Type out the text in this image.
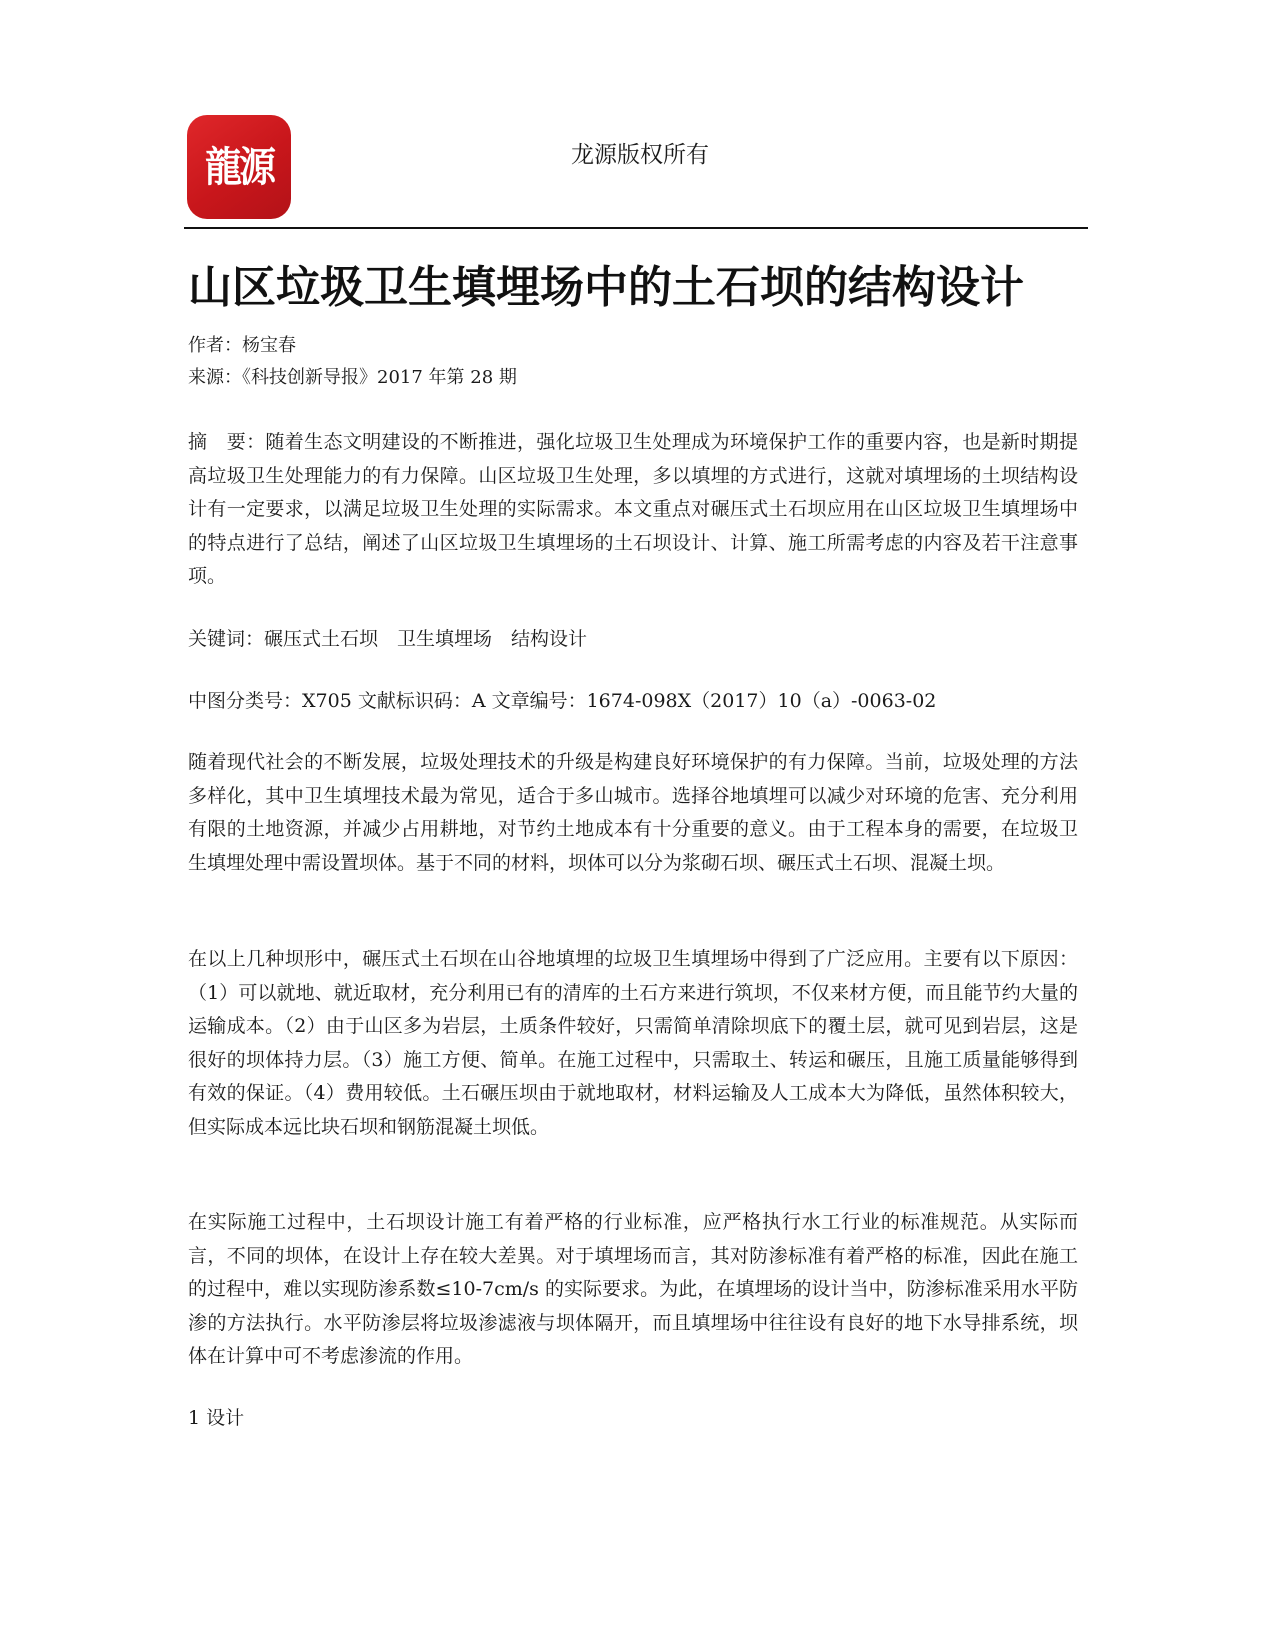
龍源	龙源版权所有
山区垃圾卫生填埋场中的土石坝的结构设计
作者：杨宝春
来源：《科技创新导报》2017 年第 28 期

摘　要：随着生态文明建设的不断推进，强化垃圾卫生处理成为环境保护工作的重要内容，也是新时期提高垃圾卫生处理能力的有力保障。山区垃圾卫生处理，多以填埋的方式进行，这就对填埋场的土坝结构设计有一定要求，以满足垃圾卫生处理的实际需求。本文重点对碾压式土石坝应用在山区垃圾卫生填埋场中的特点进行了总结，阐述了山区垃圾卫生填埋场的土石坝设计、计算、施工所需考虑的内容及若干注意事项。

关键词：碾压式土石坝　卫生填埋场　结构设计

中图分类号：X705 文献标识码：A 文章编号：1674-098X（2017）10（a）-0063-02

随着现代社会的不断发展，垃圾处理技术的升级是构建良好环境保护的有力保障。当前，垃圾处理的方法多样化，其中卫生填埋技术最为常见，适合于多山城市。选择谷地填埋可以减少对环境的危害、充分利用有限的土地资源，并减少占用耕地，对节约土地成本有十分重要的意义。由于工程本身的需要，在垃圾卫生填埋处理中需设置坝体。基于不同的材料，坝体可以分为浆砌石坝、碾压式土石坝、混凝土坝。

在以上几种坝形中，碾压式土石坝在山谷地填埋的垃圾卫生填埋场中得到了广泛应用。主要有以下原因：（1）可以就地、就近取材，充分利用已有的清库的土石方来进行筑坝，不仅来材方便，而且能节约大量的运输成本。（2）由于山区多为岩层，土质条件较好，只需简单清除坝底下的覆土层，就可见到岩层，这是很好的坝体持力层。（3）施工方便、简单。在施工过程中，只需取土、转运和碾压，且施工质量能够得到有效的保证。（4）费用较低。土石碾压坝由于就地取材，材料运输及人工成本大为降低，虽然体积较大，但实际成本远比块石坝和钢筋混凝土坝低。

在实际施工过程中，土石坝设计施工有着严格的行业标准，应严格执行水工行业的标准规范。从实际而言，不同的坝体，在设计上存在较大差異。对于填埋场而言，其对防渗标准有着严格的标准，因此在施工的过程中，难以实现防渗系数≤10-7cm/s 的实际要求。为此，在填埋场的设计当中，防渗标准采用水平防渗的方法执行。水平防渗层将垃圾渗滤液与坝体隔开，而且填埋场中往往设有良好的地下水导排系统，坝体在计算中可不考虑渗流的作用。

1 设计
